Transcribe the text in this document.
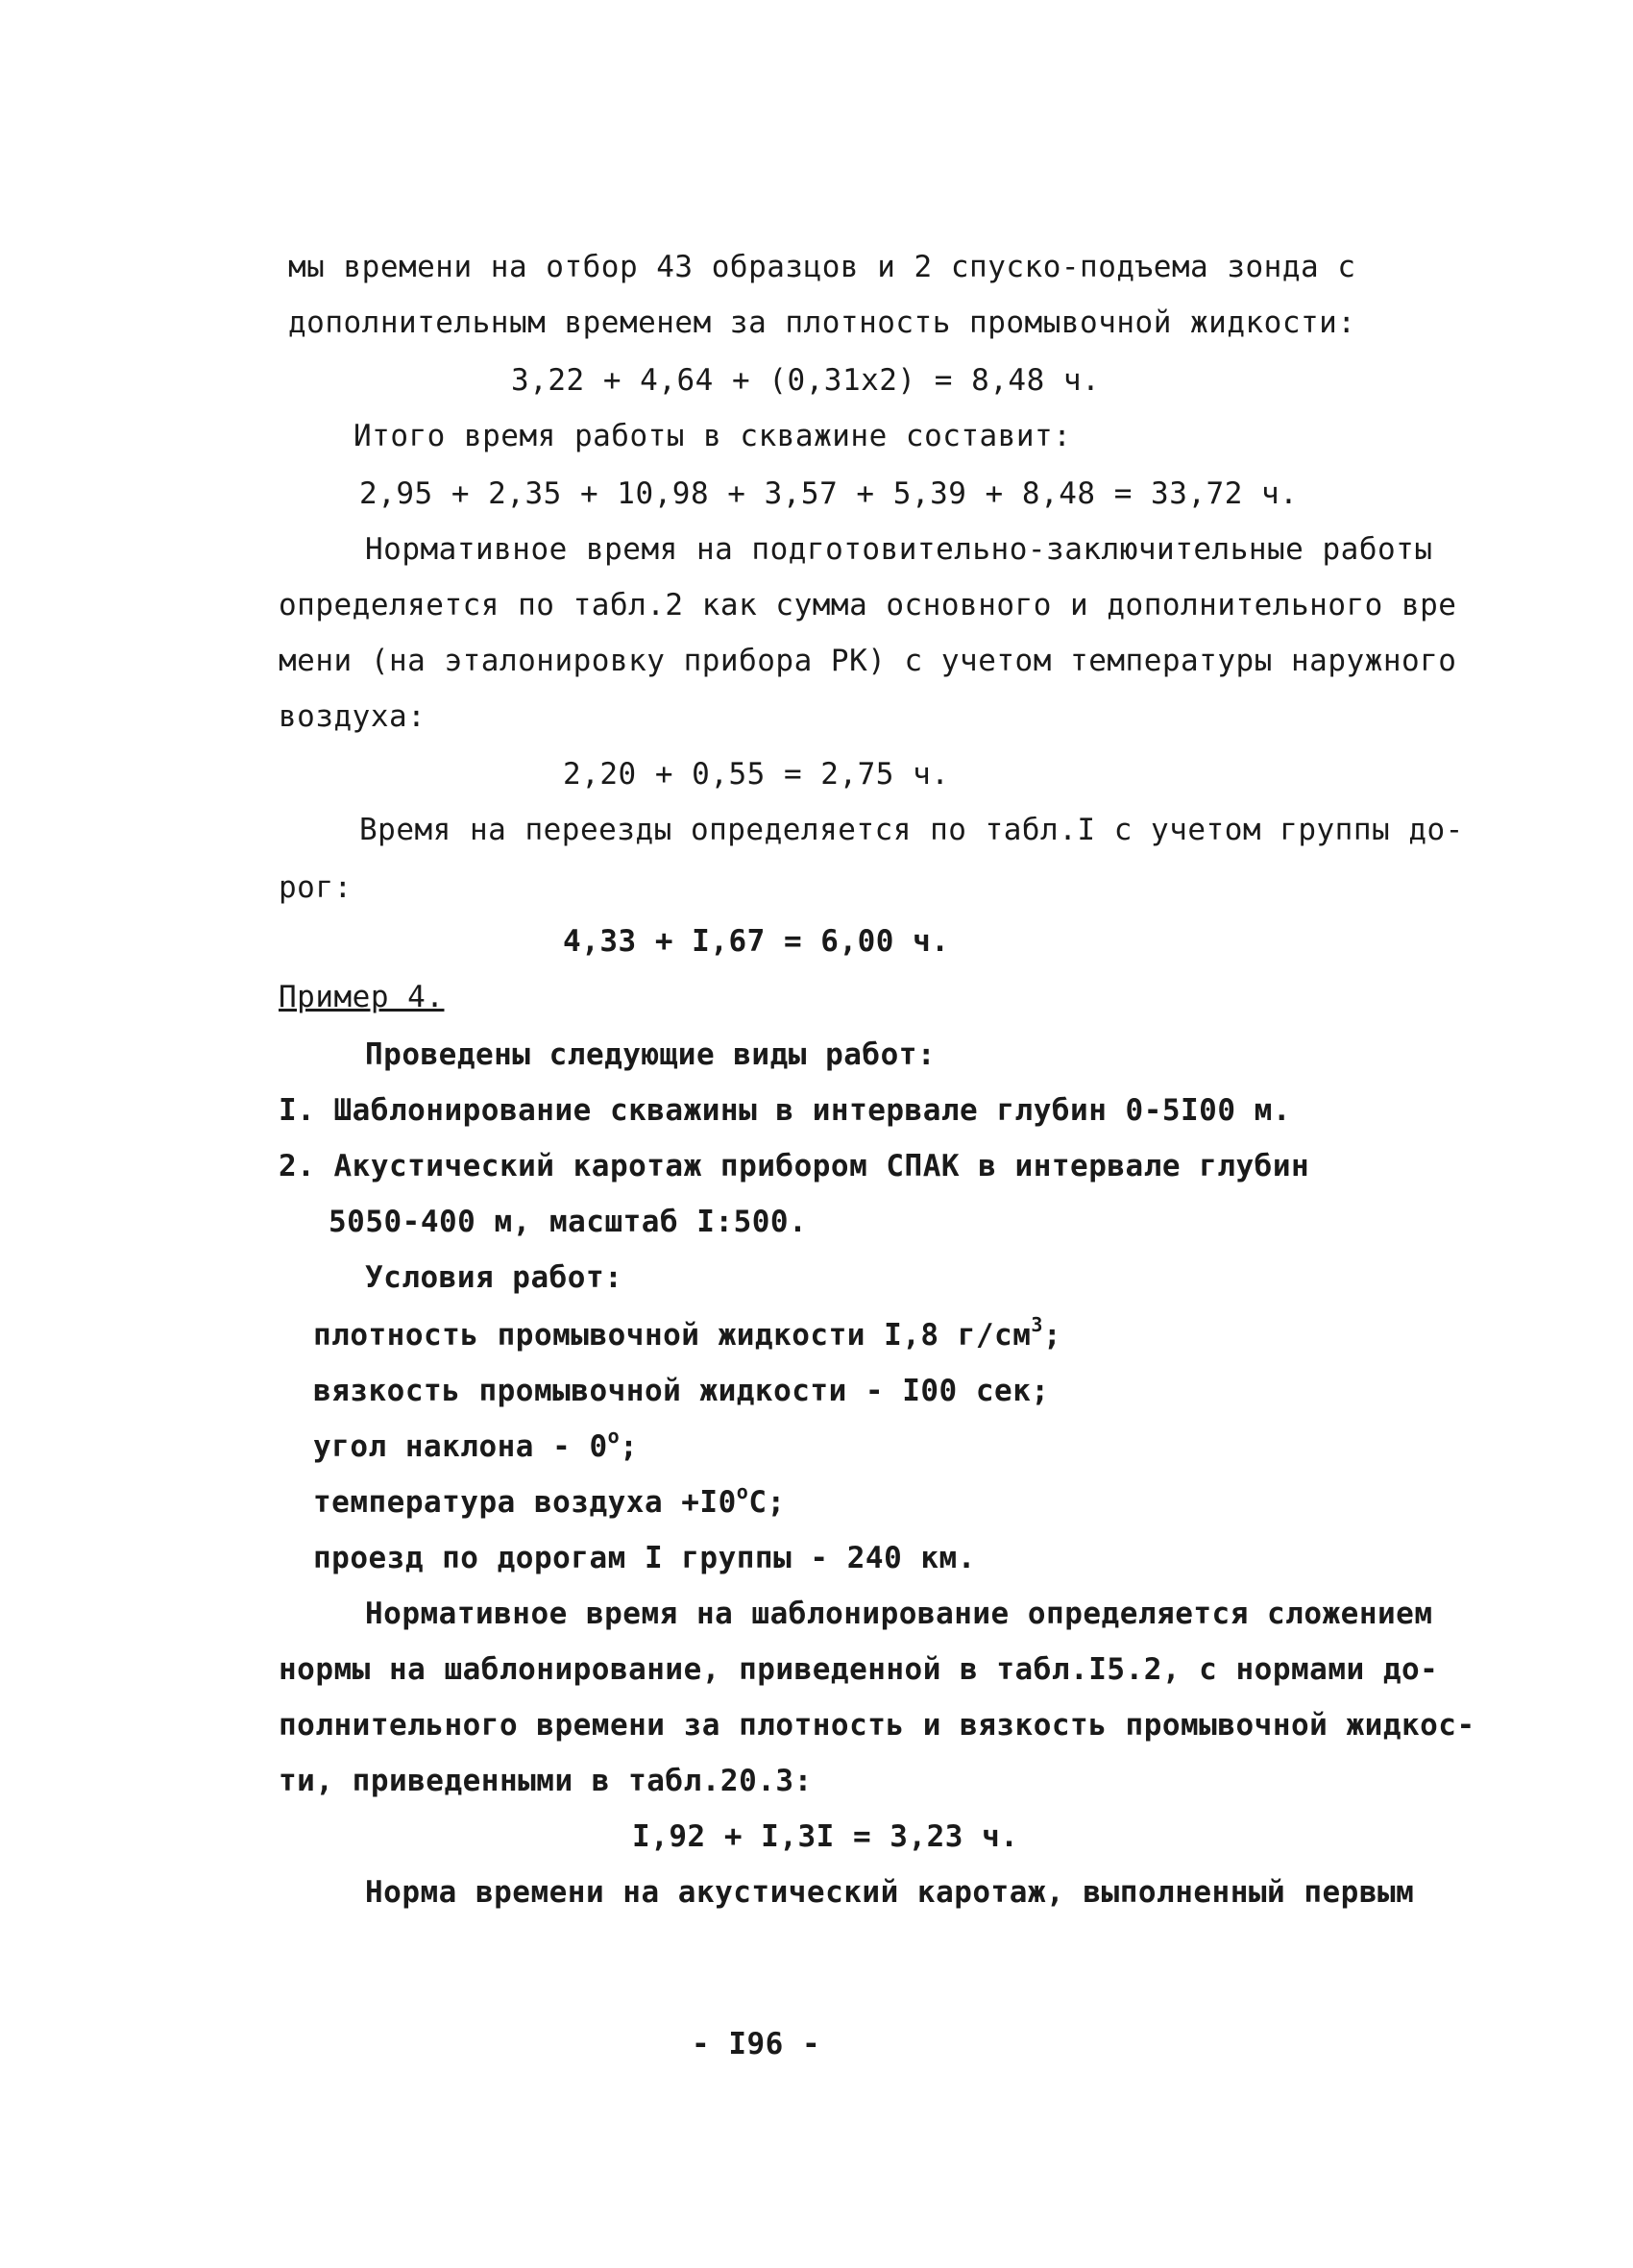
мы времени на отбор 43 образцов и 2 спуско-подъема зонда с
дополнительным временем за плотность промывочной жидкости:
3,22 + 4,64 + (0,31х2) = 8,48 ч.
Итого время работы в скважине составит:
2,95 + 2,35 + 10,98 + 3,57 + 5,39 + 8,48 = 33,72 ч.
Нормативное время на подготовительно-заключительные работы
определяется по табл.2 как сумма основного и дополнительного вре
мени (на эталонировку прибора РК) с учетом температуры наружного
воздуха:
2,20 + 0,55 = 2,75 ч.
Время на переезды определяется по табл.I с учетом группы до-
рог:
4,33 + I,67 = 6,00 ч.
Пример 4.
Проведены следующие виды работ:
I. Шаблонирование скважины в интервале глубин 0-5I00 м.
2. Акустический каротаж прибором СПАК в интервале глубин
5050-400 м, масштаб I:500.
Условия работ:
плотность промывочной жидкости I,8 $г/см^3$;
вязкость промывочной жидкости - I00 сек;
угол наклона - $0^о$;
температура воздуха $+I0^оС$;
проезд по дорогам I группы - 240 км.
Нормативное время на шаблонирование определяется сложением
нормы на шаблонирование, приведенной в табл.I5.2, с нормами до-
полнительного времени за плотность и вязкость промывочной жидкос-
ти, приведенными в табл.20.3:
I,92 + I,3I = 3,23 ч.
Норма времени на акустический каротаж, выполненный первым
- I96 -
